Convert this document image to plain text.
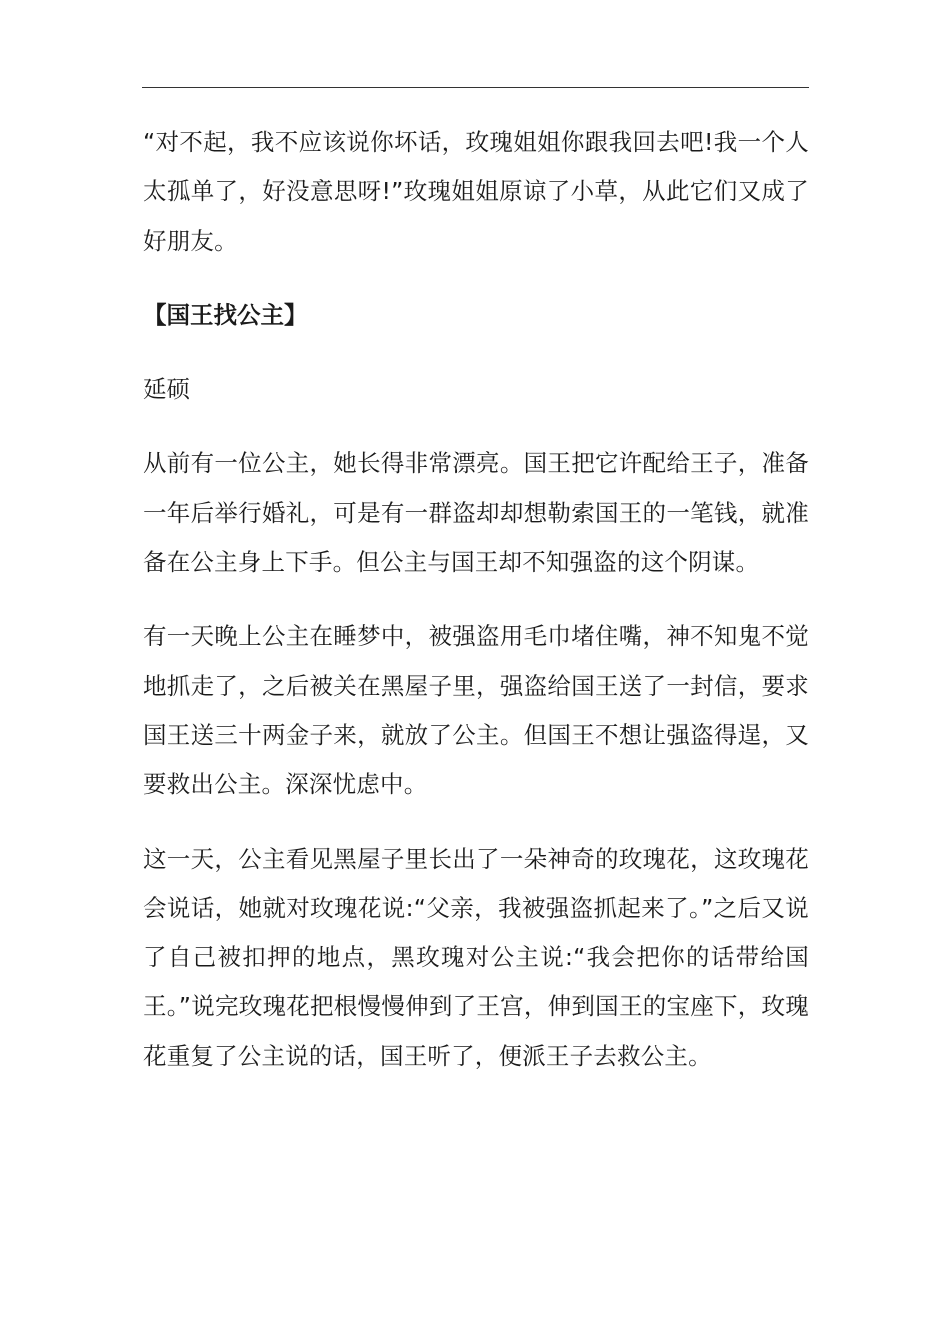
“对不起，我不应该说你坏话，玫瑰姐姐你跟我回去吧!我一个人太孤单了，好没意思呀!”玫瑰姐姐原谅了小草，从此它们又成了好朋友。

【国王找公主】

延硕

从前有一位公主，她长得非常漂亮。国王把它许配给王子，准备一年后举行婚礼，可是有一群盗却却想勒索国王的一笔钱，就准备在公主身上下手。但公主与国王却不知强盗的这个阴谋。

有一天晚上公主在睡梦中，被强盗用毛巾堵住嘴，神不知鬼不觉地抓走了，之后被关在黑屋子里，强盗给国王送了一封信，要求国王送三十两金子来，就放了公主。但国王不想让强盗得逞，又要救出公主。深深忧虑中。

这一天，公主看见黑屋子里长出了一朵神奇的玫瑰花，这玫瑰花会说话，她就对玫瑰花说:“父亲，我被强盗抓起来了。”之后又说了自己被扣押的地点，黑玫瑰对公主说:“我会把你的话带给国王。”说完玫瑰花把根慢慢伸到了王宫，伸到国王的宝座下，玫瑰花重复了公主说的话，国王听了，便派王子去救公主。
